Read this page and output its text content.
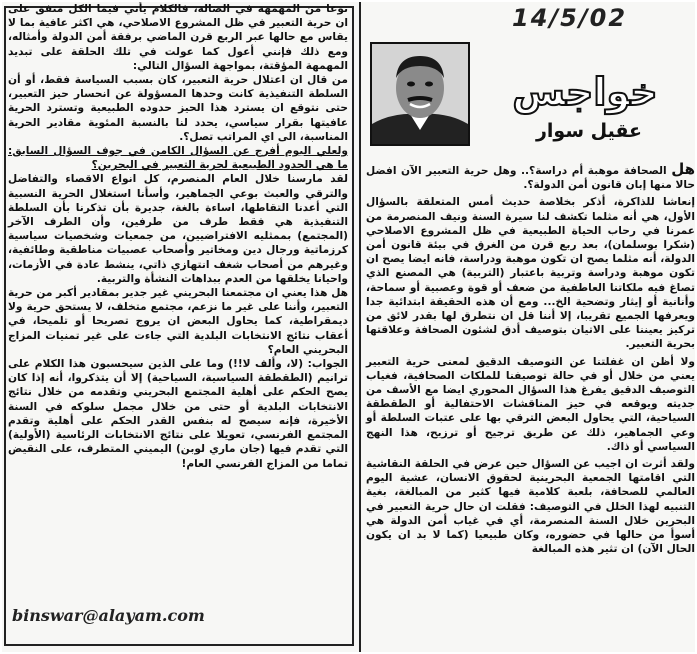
نوعا من المهمهة في الصالة، فالكلام يأتي فيما الكل متفق على ان حرية التعبير في ظل المشروع الاصلاحي، هي اكثر عافية بما لا يقاس مع حالها عبر الربع قرن الماضي برفقة أمن الدولة وأمثاله، ومع ذلك فإنني أعول كما عولت في تلك الحلقة على تبديد المهمهة المؤقتة، بمواجهة السؤال التالي:

من قال ان اعتلال حرية التعبير، كان بسبب السياسة فقط، أو أن السلطة التنفيذية كانت وحدها المسؤولة عن انحسار حيز التعبير، حتى نتوقع ان يسترد هذا الحيز حدوده الطبيعية وتسترد الحرية عافيتها بقرار سياسي، يحدد لنا بالنسبة المئوية مقادير الحرية المناسبة، الى اي المراتب تصل؟.

ولعلي اليوم أفرج عن السؤال الكامن في جوف السؤال السابق: ما هي الحدود الطبيعية لحرية التعبير في البحرين؟

لقد مارسنا خلال العام المنصرم، كل انواع الاقصاء والتفاضل والترقي والعبث بوعي الجماهير، وأسأنا استغلال الحرية النسبية التي أعدنا التقاطها، اساءة بالغة، جديرة بأن تذكرنا بأن السلطة التنفيذية هي فقط طرف من طرفين، وأن الطرف الآخر (المجتمع) بممثليه الافتراضيين، من جمعيات وشخصيات سياسية كرزماتية ورجال دين ومخاتير وأصحاب عصبيات مناطقية وطائفية، وغيرهم من أصحاب شغف انتهازي ذاتي، ينشط عادة في الأزمات، واحيانا يخلقها من العدم ببداهات النشأة والتربية.

هل هذا يعني ان مجتمعنا البحريني غير جدير بمقادير أكبر من حرية التعبير، وأننا على غير ما نزعم، مجتمع متخلف، لا يستحق حرية ولا ديمقراطية، كما يحاول البعض ان يروج تصريحا أو تلميحا، في أعقاب نتائج الانتخابات البلدية التي جاءت على غير تمنيات المزاج البحريني العام؟

الجواب: (لا، وألف لا!!) وما على الذين سيحسبون هذا الكلام على ترانيم (الطقطقة السياسية، السياحية) إلا أن يتذكروا، أنه إذا كان يصح الحكم على أهلية المجتمع البحريني وتقدمه من خلال نتائج الانتخابات البلدية أو حتى من خلال مجمل سلوكه في السنة الأخيرة، فإنه سيصح له بنفس القدر الحكم على أهلية وتقدم المجتمع الفرنسي، تعويلا على نتائج الانتخابات الرئاسية (الأولية) التي تقدم فيها (جان ماري لوبن) اليميني المتطرف، على النقيض تماما من المزاج الفرنسي العام!

binswar@alayam.com
14/5/02
خواجس
عقيل سوار

هل الصحافة موهبة أم دراسة؟.. وهل حرية التعبير الآن افضل حالا منها إبان قانون أمن الدولة؟.

إنعاشا للذاكرة، أذكر بخلاصة حديث أمس المتعلقة بالسؤال الأول، هي أنه مثلما تكشف لنا سيرة السنة ونيف المنصرمة من عمرنا في رحاب الحياة الطبيعية في ظل المشروع الاصلاحي (شكرا بوسلمان)، بعد ربع قرن من الغرق في بيئة قانون أمن الدولة، أنه مثلما يصح ان تكون موهبة ودراسة، فانه ايضا يصح ان تكون موهبة ودراسة وتربية باعتبار (التربية) هي المصنع الذي تصاغ فيه ملكاتنا العاطفية من ضعف أو قوة وعصبية أو سماحة، وأنانية أو إيثار وتضحية الخ... ومع أن هذه الحقيقة ابتدائية جدا ويعرفها الجميع تقريبا، إلا أننا قل ان نتطرق لها بقدر لائق من تركيز يعيننا على الاتيان بتوصيف أدق لشئون الصحافة وعلاقتها بحرية التعبير.

ولا أظن ان غفلتنا عن التوصيف الدقيق لمعنى حرية التعبير يعني من خلال أو في حالة توصيفنا للملكات الصحافية، فغياب التوصيف الدقيق يفرغ هذا السؤال المحوري ايضا مع الأسف من جديته ويوقعه في حيز المناقشات الاحتفالية أو الطقطقة السياحية، التي يحاول البعض الترقي بها على عتبات السلطة أو وعي الجماهير، ذلك عن طريق ترجيح أو ترزيح، هذا النهج السياسي أو ذاك.

ولقد أثرت ان اجيب عن السؤال حين عرض في الحلقة النقاشية التي اقامتها الجمعية البحرينية لحقوق الانسان، عشية اليوم العالمي للصحافة، بلعبة كلامية فيها كثير من المبالغة، بغية التنبيه لهذا الخلل في التوصيف: فقلت ان حال حرية التعبير في البحرين خلال السنة المنصرمة، أي في غياب أمن الدولة هي أسوأ من حالها في حضوره، وكان طبيعيا (كما لا بد ان يكون الحال الآن) ان تثير هذه المبالغة
